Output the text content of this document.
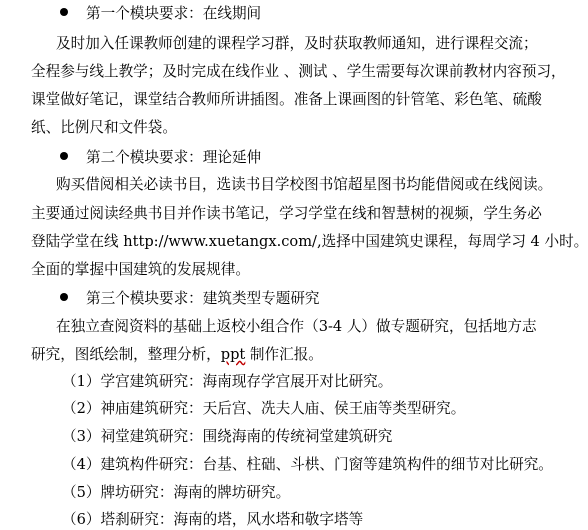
第一个模块要求：在线期间
及时加入任课教师创建的课程学习群，及时获取教师通知，进行课程交流；
全程参与线上教学；及时完成在线作业 、测试 、学生需要每次课前教材内容预习，
课堂做好笔记，课堂结合教师所讲插图。准备上课画图的针管笔、彩色笔、硫酸
纸、比例尺和文件袋。
第二个模块要求：理论延伸
购买借阅相关必读书目，选读书目学校图书馆超星图书均能借阅或在线阅读。
主要通过阅读经典书目并作读书笔记，学习学堂在线和智慧树的视频，学生务必
登陆学堂在线 http://www.xuetangx.com/,选择中国建筑史课程，每周学习 4 小时。
全面的掌握中国建筑的发展规律。
第三个模块要求：建筑类型专题研究
在独立查阅资料的基础上返校小组合作（3-4 人）做专题研究，包括地方志
研究，图纸绘制，整理分析，ppt 制作汇报。
（1）学宫建筑研究：海南现存学宫展开对比研究。
（2）神庙建筑研究：天后宫、冼夫人庙、侯王庙等类型研究。
（3）祠堂建筑研究：围绕海南的传统祠堂建筑研究
（4）建筑构件研究：台基、柱础、斗栱、门窗等建筑构件的细节对比研究。
（5）牌坊研究：海南的牌坊研究。
（6）塔刹研究：海南的塔，风水塔和敬字塔等
